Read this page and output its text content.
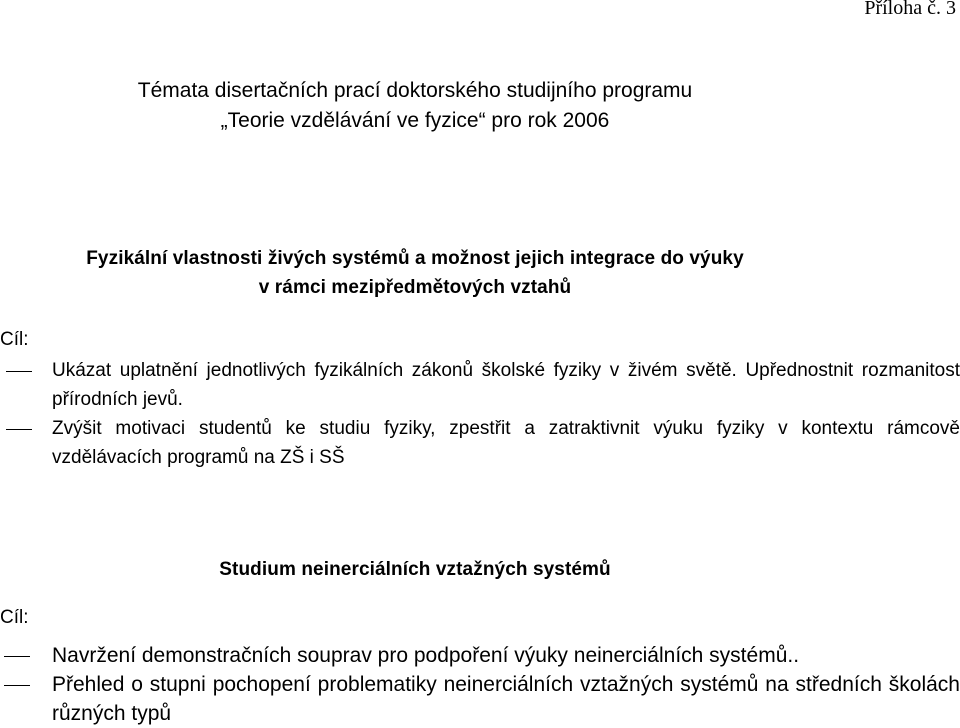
Příloha č. 3
Témata disertačních prací doktorského studijního programu
„Teorie vzdělávání ve fyzice“ pro rok 2006
Fyzikální vlastnosti živých systémů a možnost jejich integrace do výuky
v rámci mezipředmětových vztahů
Cíl:
Ukázat uplatnění jednotlivých fyzikálních zákonů školské fyziky v živém světě. Upřednostnit rozmanitost přírodních jevů.
Zvýšit motivaci studentů ke studiu fyziky, zpestřit a zatraktivnit výuku fyziky v kontextu rámcově vzdělávacích programů na ZŠ i SŠ
Studium neinerciálních vztažných systémů
Cíl:
Navržení demonstračních souprav pro podpoření výuky neinerciálních systémů..
Přehled o stupni pochopení problematiky neinerciálních vztažných systémů na středních školách různých typů
